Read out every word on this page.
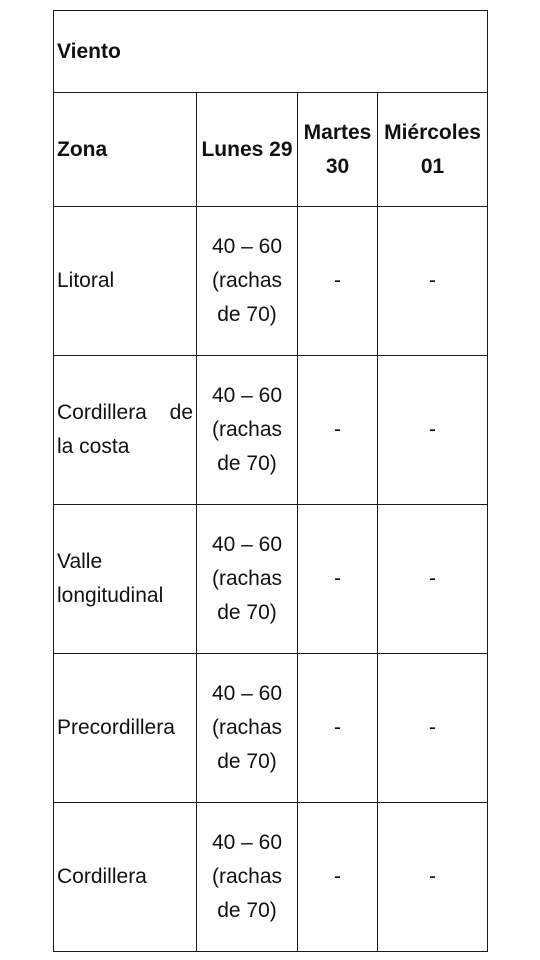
Viento			
Zona	Lunes 29	Martes 30	Miércoles 01
Litoral	40 – 60 (rachas de 70)	-	-
Cordillera de la costa	40 – 60 (rachas de 70)	-	-
Valle longitudinal	40 – 60 (rachas de 70)	-	-
Precordillera	40 – 60 (rachas de 70)	-	-
Cordillera	40 – 60 (rachas de 70)	-	-
